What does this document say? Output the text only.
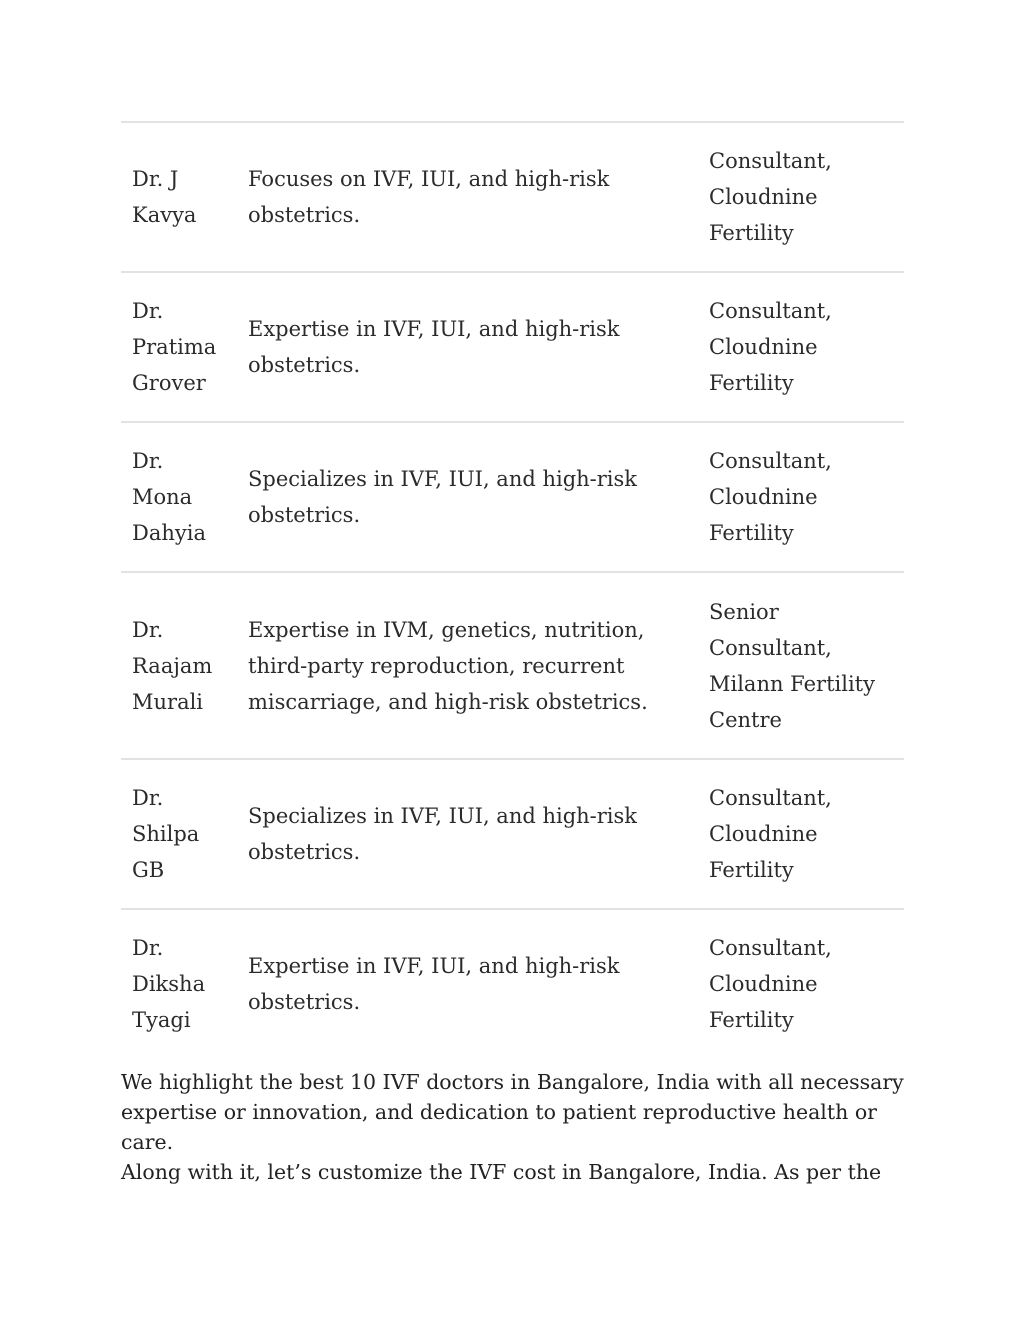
Dr. J Kavya	Focuses on IVF, IUI, and high-risk obstetrics.	Consultant, Cloudnine Fertility

Dr. Pratima Grover	Expertise in IVF, IUI, and high-risk obstetrics.	Consultant, Cloudnine Fertility

Dr. Mona Dahyia	Specializes in IVF, IUI, and high-risk obstetrics.	Consultant, Cloudnine Fertility

Dr. Raajam Murali	Expertise in IVM, genetics, nutrition, third-party reproduction, recurrent miscarriage, and high-risk obstetrics.	Senior Consultant, Milann Fertility Centre

Dr. Shilpa GB	Specializes in IVF, IUI, and high-risk obstetrics.	Consultant, Cloudnine Fertility

Dr. Diksha Tyagi	Expertise in IVF, IUI, and high-risk obstetrics.	Consultant, Cloudnine Fertility
We highlight the best 10 IVF doctors in Bangalore, India with all necessary
expertise or innovation, and dedication to patient reproductive health or care.
Along with it, let’s customize the IVF cost in Bangalore, India. As per the
